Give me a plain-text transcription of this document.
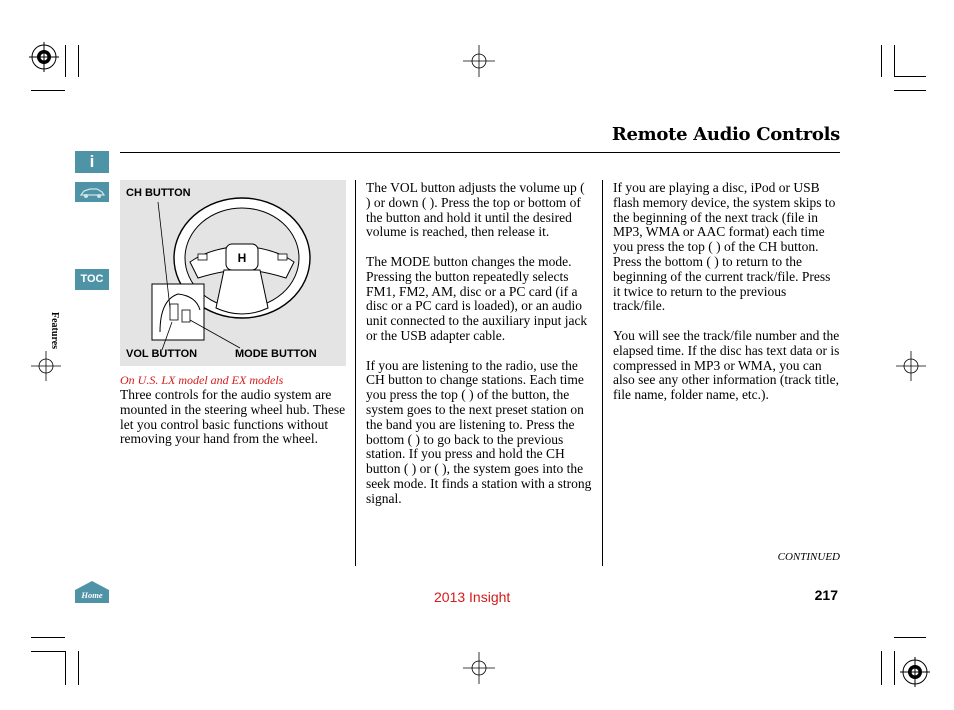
Remote Audio Controls
i
TOC
Features
Home
H
CH BUTTON
VOL BUTTON	MODE BUTTON
On U.S. LX model and EX models

Three controls for the audio system are mounted in the steering wheel hub. These let you control basic functions without removing your hand from the wheel.

The VOL button adjusts the volume up ( ) or down ( ). Press the top or bottom of the button and hold it until the desired volume is reached, then release it.

The MODE button changes the mode. Pressing the button repeatedly selects FM1, FM2, AM, disc or a PC card (if a disc or a PC card is loaded), or an audio unit connected to the auxiliary input jack or the USB adapter cable.

If you are listening to the radio, use the CH button to change stations. Each time you press the top ( ) of the button, the system goes to the next preset station on the band you are listening to. Press the bottom ( ) to go back to the previous station. If you press and hold the CH button ( ) or ( ), the system goes into the seek mode. It finds a station with a strong signal.

If you are playing a disc, iPod or USB flash memory device, the system skips to the beginning of the next track (file in MP3, WMA or AAC format) each time you press the top ( ) of the CH button. Press the bottom ( ) to return to the beginning of the current track/file. Press it twice to return to the previous track/file.

You will see the track/file number and the elapsed time. If the disc has text data or is compressed in MP3 or WMA, you can also see any other information (track title, file name, folder name, etc.).

CONTINUED
2013 Insight	217
